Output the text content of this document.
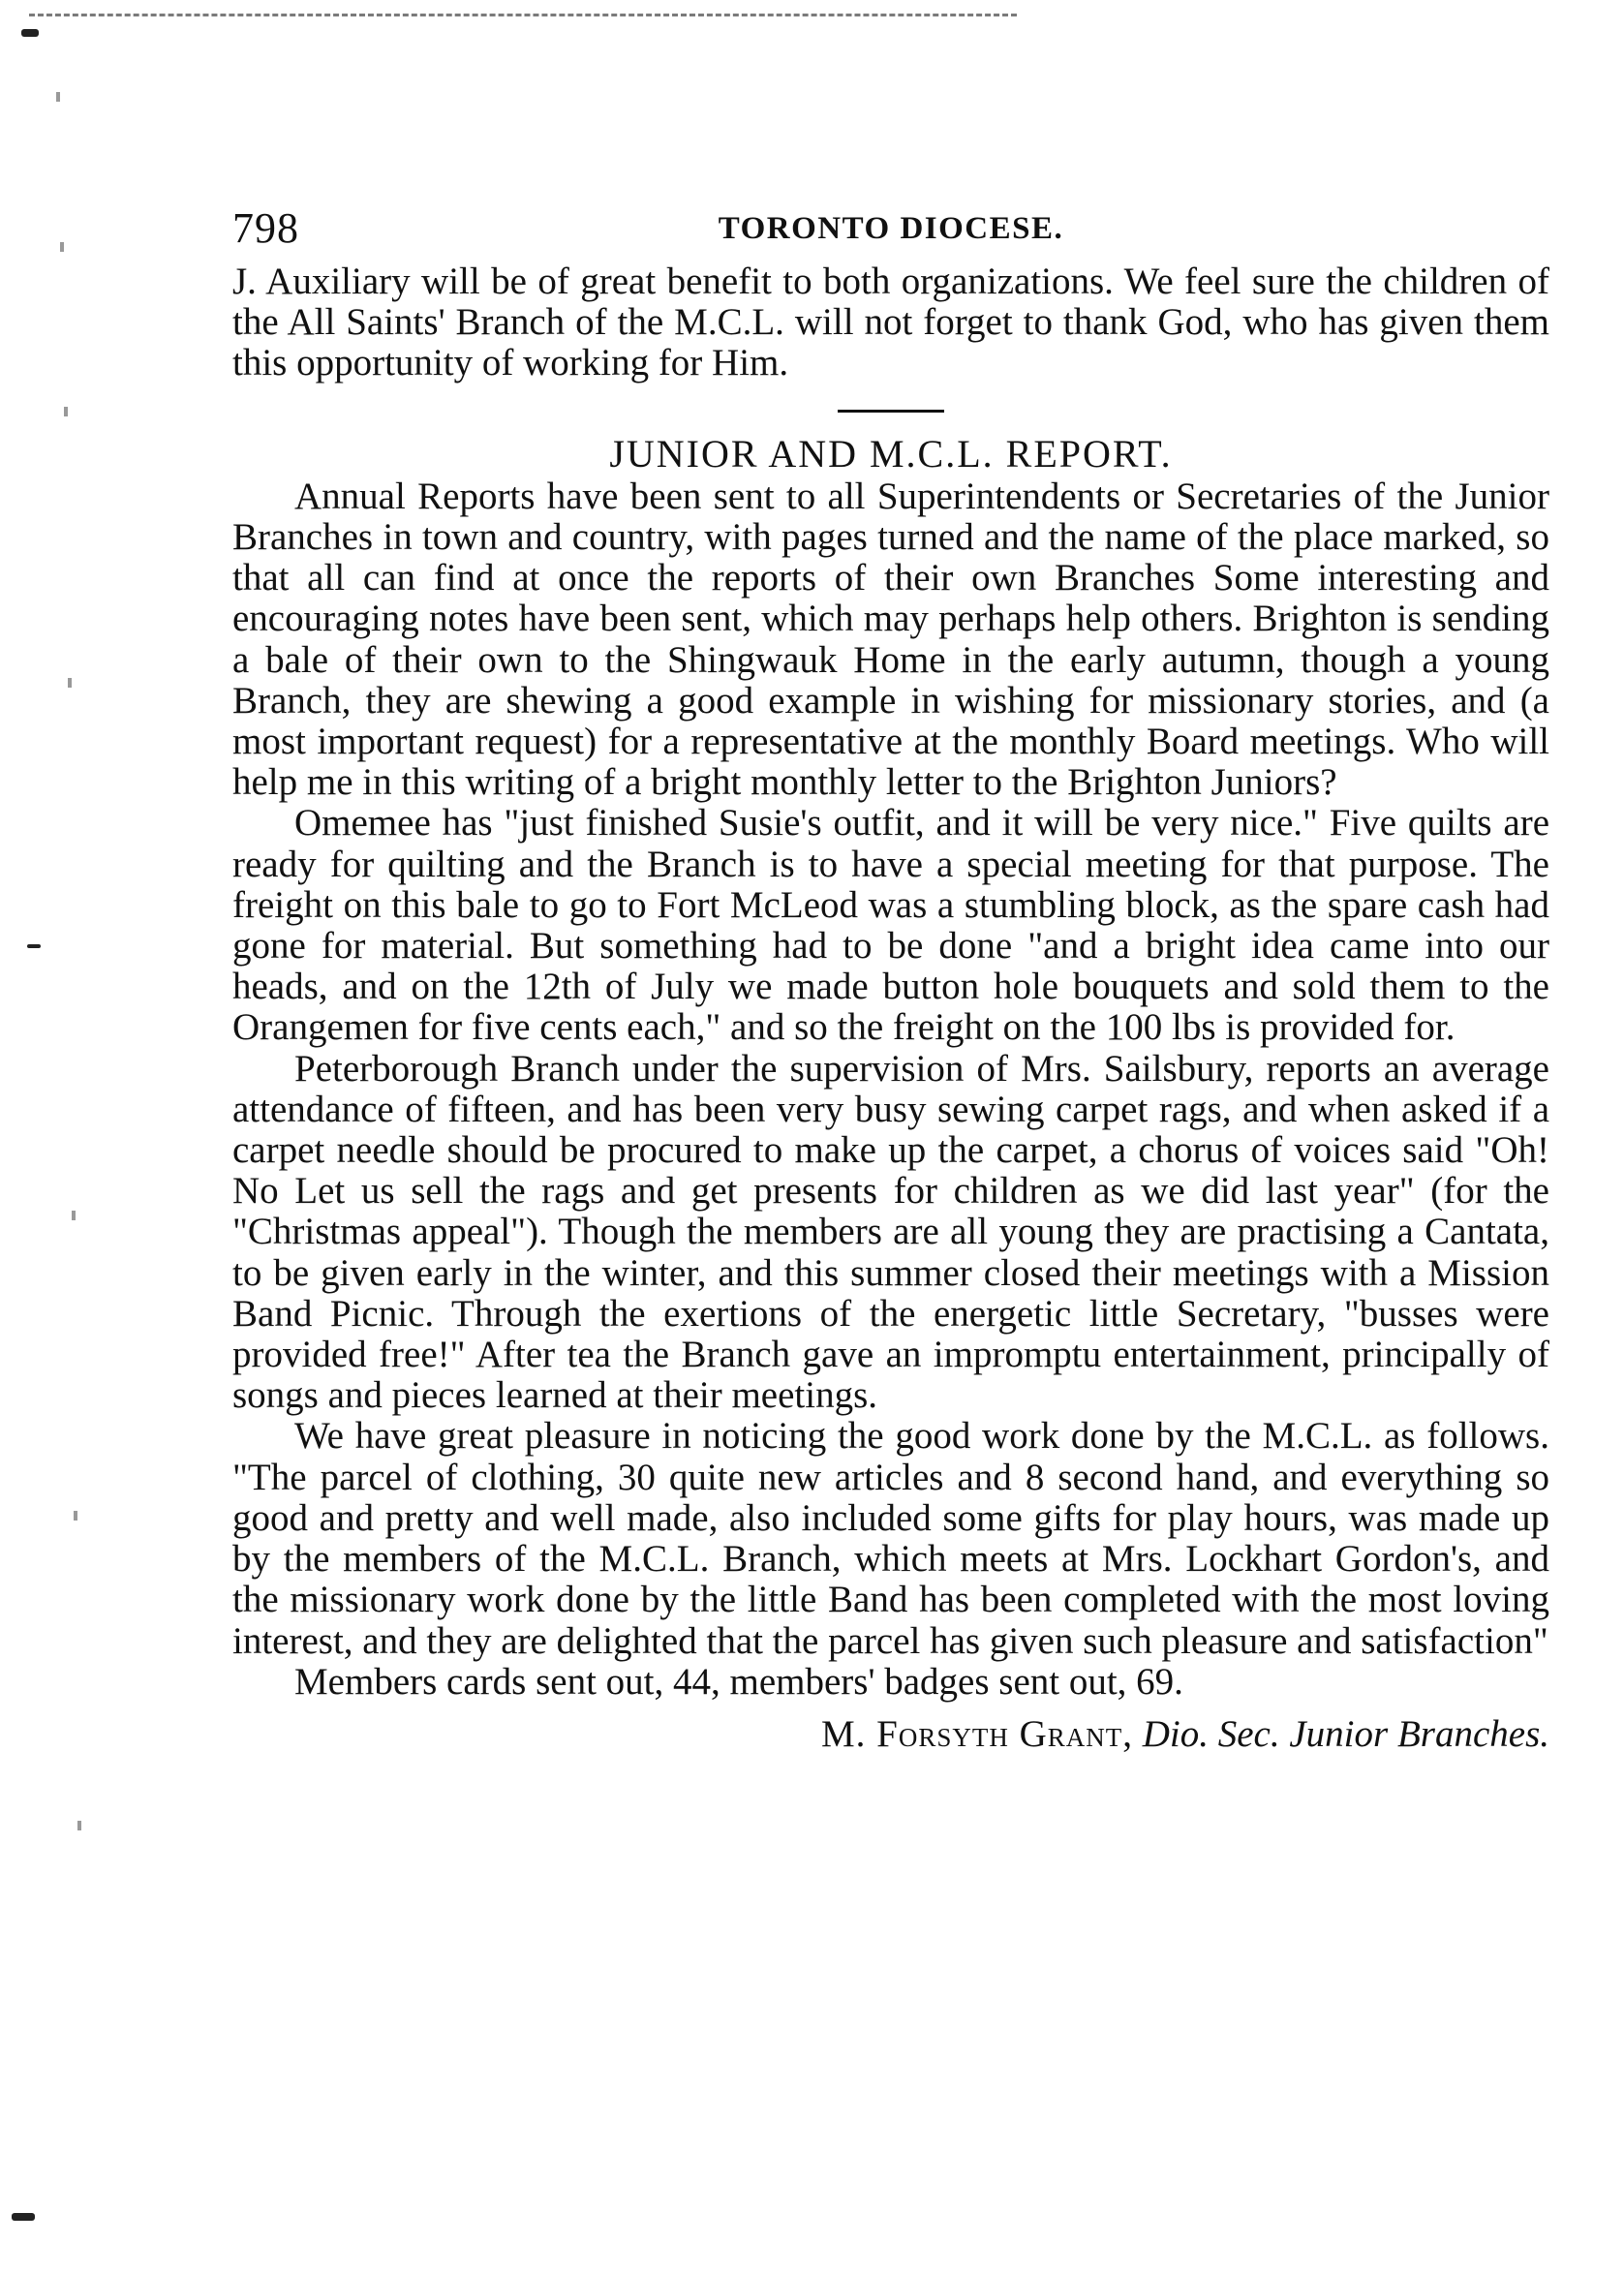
798	TORONTO DIOCESE.

J. Auxiliary will be of great benefit to both organizations. We feel sure the children of the All Saints' Branch of the M.C.L. will not forget to thank God, who has given them this opportunity of working for Him.

JUNIOR AND M.C.L. REPORT.

Annual Reports have been sent to all Superintendents or Secretaries of the Junior Branches in town and country, with pages turned and the name of the place marked, so that all can find at once the reports of their own Branches Some interesting and encouraging notes have been sent, which may perhaps help others. Brighton is sending a bale of their own to the Shingwauk Home in the early autumn, though a young Branch, they are shewing a good example in wishing for missionary stories, and (a most important request) for a representative at the monthly Board meetings. Who will help me in this writing of a bright monthly letter to the Brighton Juniors?

Omemee has "just finished Susie's outfit, and it will be very nice." Five quilts are ready for quilting and the Branch is to have a special meeting for that purpose. The freight on this bale to go to Fort McLeod was a stumbling block, as the spare cash had gone for material. But something had to be done "and a bright idea came into our heads, and on the 12th of July we made button hole bouquets and sold them to the Orangemen for five cents each," and so the freight on the 100 lbs is provided for.

Peterborough Branch under the supervision of Mrs. Sailsbury, reports an average attendance of fifteen, and has been very busy sewing carpet rags, and when asked if a carpet needle should be procured to make up the carpet, a chorus of voices said "Oh! No Let us sell the rags and get presents for children as we did last year" (for the "Christmas appeal"). Though the members are all young they are practising a Cantata, to be given early in the winter, and this summer closed their meetings with a Mission Band Picnic. Through the exertions of the energetic little Secretary, "busses were provided free!" After tea the Branch gave an impromptu entertainment, principally of songs and pieces learned at their meetings.

We have great pleasure in noticing the good work done by the M.C.L. as follows. "The parcel of clothing, 30 quite new articles and 8 second hand, and everything so good and pretty and well made, also included some gifts for play hours, was made up by the members of the M.C.L. Branch, which meets at Mrs. Lockhart Gordon's, and the missionary work done by the little Band has been completed with the most loving interest, and they are delighted that the parcel has given such pleasure and satisfaction"

Members cards sent out, 44, members' badges sent out, 69.

M. Forsyth Grant, Dio. Sec. Junior Branches.
